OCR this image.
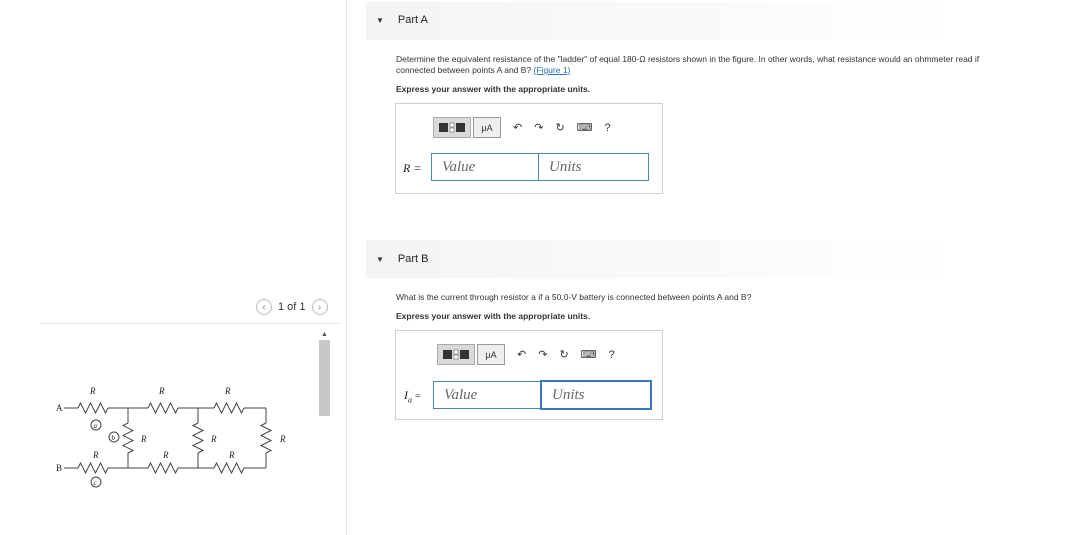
‹	1 of 1	›
▲
A
B
R	R	R
R	R	R
R	R	R
a
b
c
▼ Part A
Determine the equivalent resistance of the "ladder" of equal 180-Ω resistors shown in the figure. In other words, what resistance would an ohmmeter read if
connected between points A and B? (Figure 1)
Express your answer with the appropriate units.
μA	↶ ↷ ↻ ⌨ ?
R =	Value	Units
▼ Part B
What is the current through resistor a if a 50.0-V battery is connected between points A and B?
Express your answer with the appropriate units.
μA	↶ ↷ ↻ ⌨ ?
$I_a$ =	Value	Units
